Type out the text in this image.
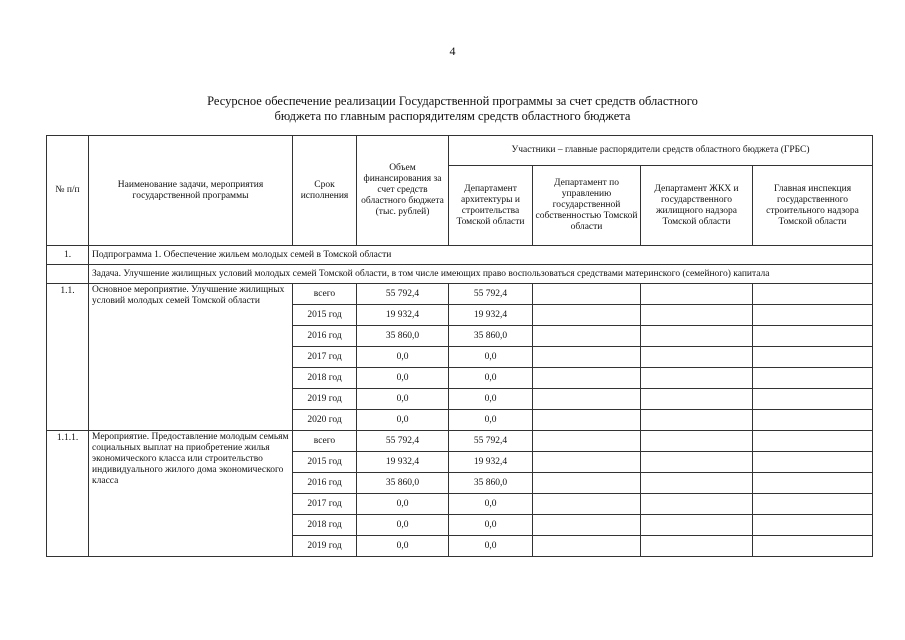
4
Ресурсное обеспечение реализации Государственной программы за счет средств областного
бюджета по главным распорядителям средств областного бюджета
№ п/п	Наименование задачи, мероприятия государственной программы	Срок исполнения	Объем финансирования за счет средств областного бюджета (тыс. рублей)	Участники – главные распорядители средств областного бюджета (ГРБС)			
				Департамент архитектуры и строительства Томской области	Департамент по управлению государственной собственностью Томской области	Департамент ЖКХ и государственного жилищного надзора Томской области	Главная инспекция государственного строительного надзора Томской области
1.	Подпрограмма 1. Обеспечение жильем молодых семей в Томской области						
	Задача. Улучшение жилищных условий молодых семей Томской области, в том числе имеющих право воспользоваться средствами материнского (семейного) капитала						
1.1.	Основное мероприятие. Улучшение жилищных условий молодых семей Томской области	всего	55 792,4	55 792,4			
		2015 год	19 932,4	19 932,4			
		2016 год	35 860,0	35 860,0			
		2017 год	0,0	0,0			
		2018 год	0,0	0,0			
		2019 год	0,0	0,0			
		2020 год	0,0	0,0			
1.1.1.	Мероприятие. Предоставление молодым семьям социальных выплат на приобретение жилья экономического класса или строительство индивидуального жилого дома экономического класса	всего	55 792,4	55 792,4			
		2015 год	19 932,4	19 932,4			
		2016 год	35 860,0	35 860,0			
		2017 год	0,0	0,0			
		2018 год	0,0	0,0			
		2019 год	0,0	0,0			
